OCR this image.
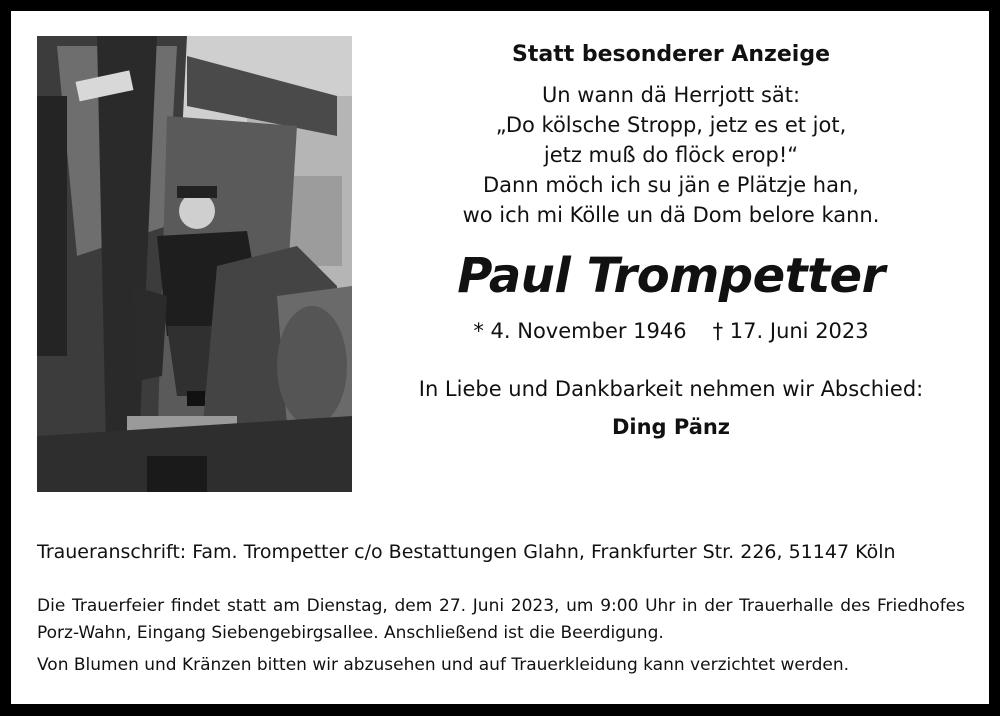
Statt besonderer Anzeige
Un wann dä Herrjott sät:
„Do kölsche Stropp, jetz es et jot,
jetz muß do flöck erop!“
Dann möch ich su jän e Plätzje han,
wo ich mi Kölle un dä Dom belore kann.
Paul Trompetter
* 4. November 1946 † 17. Juni 2023
In Liebe und Dankbarkeit nehmen wir Abschied:
Ding Pänz
Traueranschrift: Fam. Trompetter c/o Bestattungen Glahn, Frankfurter Str. 226, 51147 Köln
Die Trauerfeier findet statt am Dienstag, dem 27. Juni 2023, um 9:00 Uhr in der Trauerhalle des Friedhofes Porz-Wahn, Eingang Siebengebirgsallee. Anschließend ist die Beerdigung.
Von Blumen und Kränzen bitten wir abzusehen und auf Trauerkleidung kann verzichtet werden.
